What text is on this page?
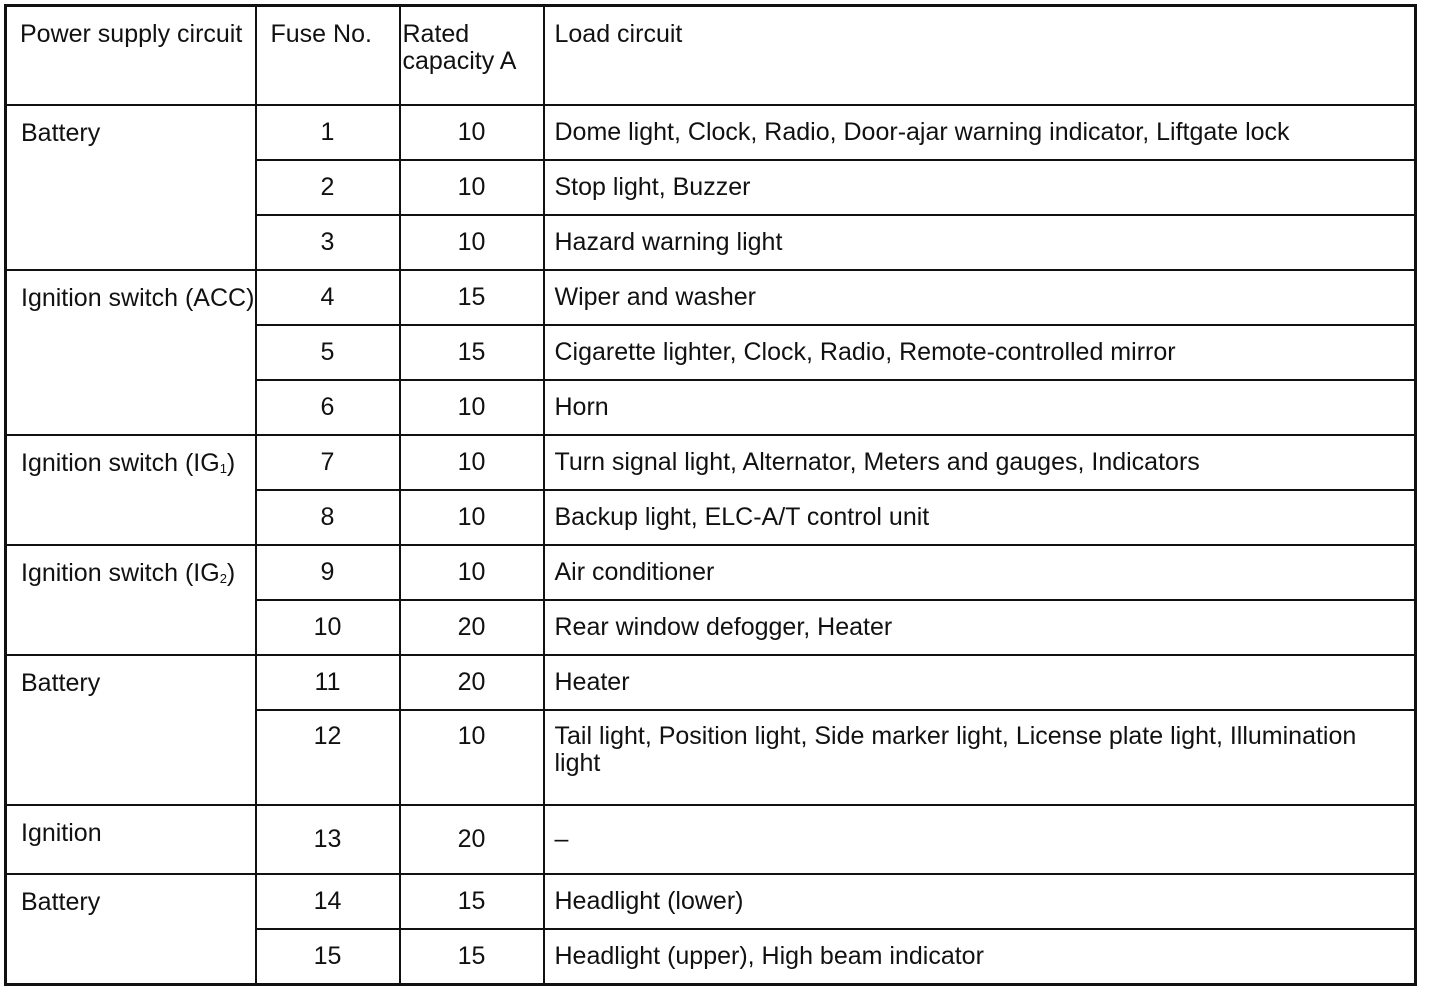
Power supply circuit	Fuse No.	Rated capacity A	Load circuit
Battery	1	10	Dome light, Clock, Radio, Door-ajar warning indicator, Liftgate lock
	2	10	Stop light, Buzzer
	3	10	Hazard warning light
Ignition switch (ACC)	4	15	Wiper and washer
	5	15	Cigarette lighter, Clock, Radio, Remote-controlled mirror
	6	10	Horn
Ignition switch (IG1)	7	10	Turn signal light, Alternator, Meters and gauges, Indicators
	8	10	Backup light, ELC-A/T control unit
Ignition switch (IG2)	9	10	Air conditioner
	10	20	Rear window defogger, Heater
Battery	11	20	Heater
	12	10	Tail light, Position light, Side marker light, License plate light, Illumination light
Ignition	13	20	–
Battery	14	15	Headlight (lower)
	15	15	Headlight (upper), High beam indicator
